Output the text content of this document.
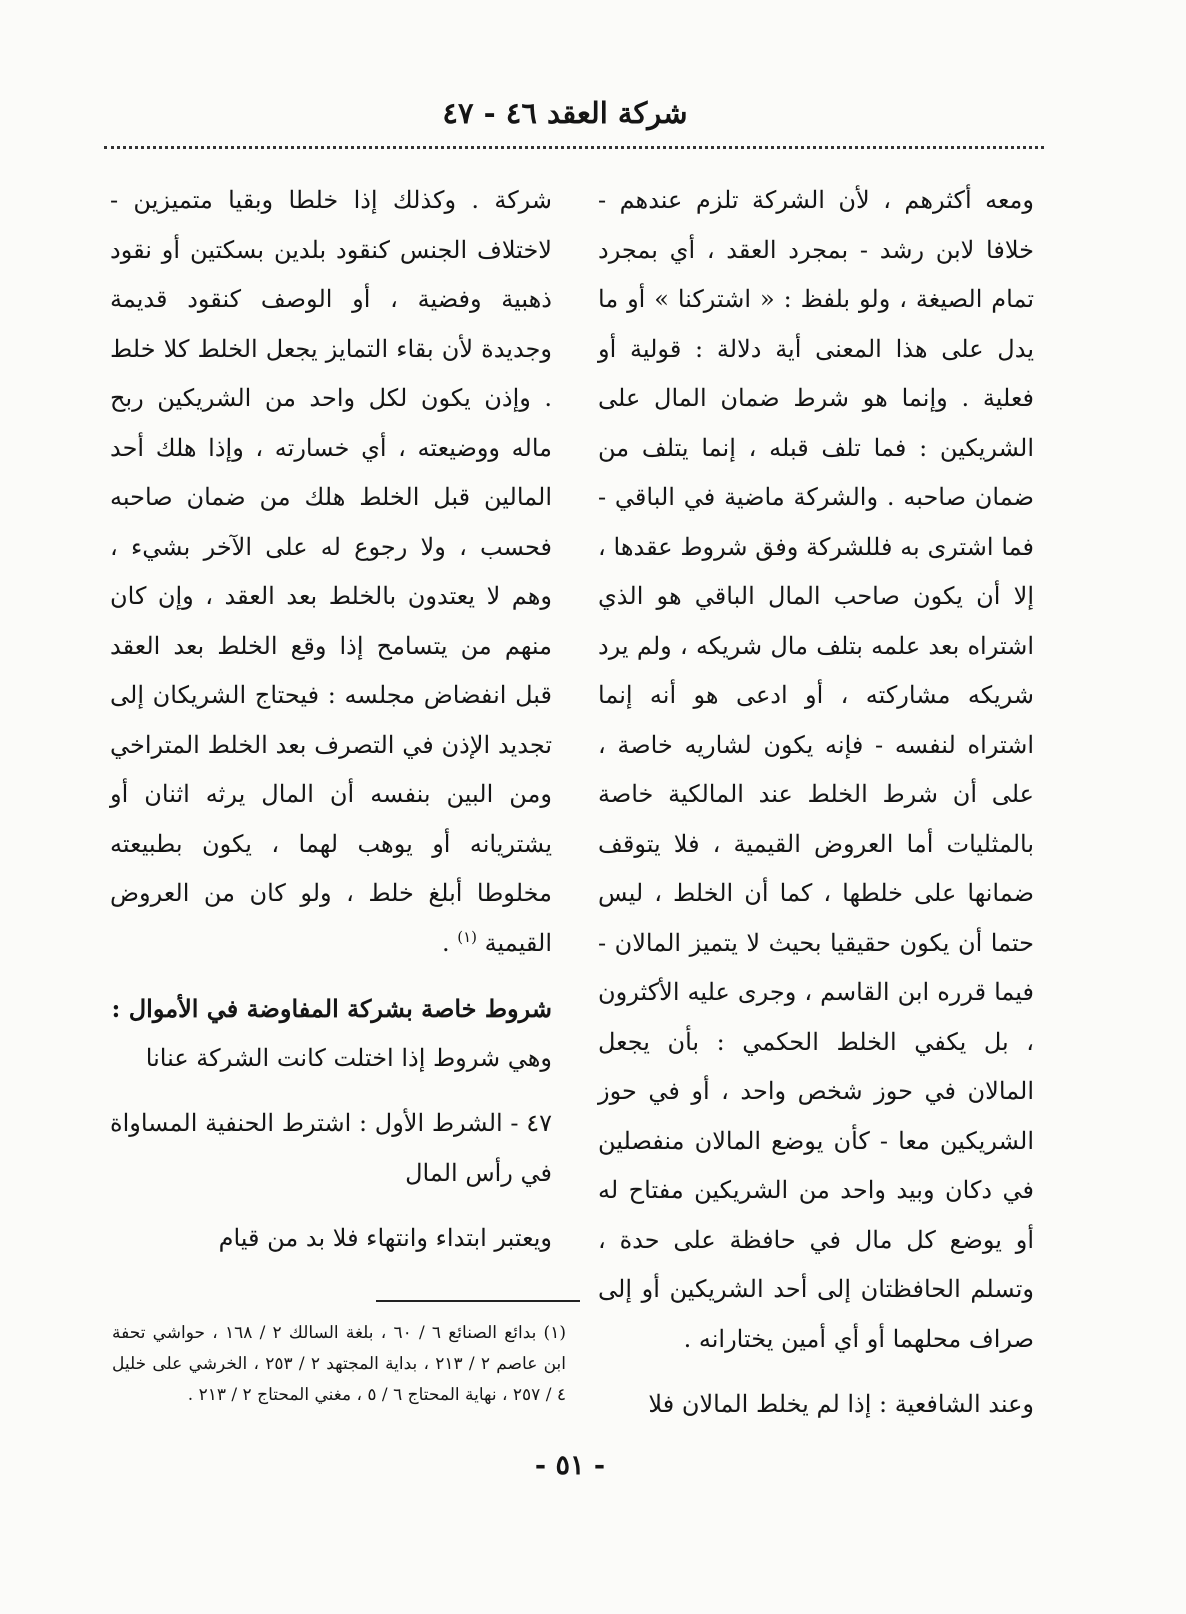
شركة العقد ٤٦ - ٤٧

ومعه أكثرهم ، لأن الشركة تلزم عندهم - خلافا لابن رشد - بمجرد العقد ، أي بمجرد تمام الصيغة ، ولو بلفظ : « اشتركنا » أو ما يدل على هذا المعنى أية دلالة : قولية أو فعلية . وإنما هو شرط ضمان المال على الشريكين : فما تلف قبله ، إنما يتلف من ضمان صاحبه . والشركة ماضية في الباقي - فما اشترى به فللشركة وفق شروط عقدها ، إلا أن يكون صاحب المال الباقي هو الذي اشتراه بعد علمه بتلف مال شريكه ، ولم يرد شريكه مشاركته ، أو ادعى هو أنه إنما اشتراه لنفسه - فإنه يكون لشاريه خاصة ، على أن شرط الخلط عند المالكية خاصة بالمثليات أما العروض القيمية ، فلا يتوقف ضمانها على خلطها ، كما أن الخلط ، ليس حتما أن يكون حقيقيا بحيث لا يتميز المالان - فيما قرره ابن القاسم ، وجرى عليه الأكثرون ، بل يكفي الخلط الحكمي : بأن يجعل المالان في حوز شخص واحد ، أو في حوز الشريكين معا - كأن يوضع المالان منفصلين في دكان وبيد واحد من الشريكين مفتاح له أو يوضع كل مال في حافظة على حدة ، وتسلم الحافظتان إلى أحد الشريكين أو إلى صراف محلهما أو أي أمين يختارانه .

وعند الشافعية : إذا لم يخلط المالان فلا

شركة . وكذلك إذا خلطا وبقيا متميزين - لاختلاف الجنس كنقود بلدين بسكتين أو نقود ذهبية وفضية ، أو الوصف كنقود قديمة وجديدة لأن بقاء التمايز يجعل الخلط كلا خلط . وإذن يكون لكل واحد من الشريكين ربح ماله ووضيعته ، أي خسارته ، وإذا هلك أحد المالين قبل الخلط هلك من ضمان صاحبه فحسب ، ولا رجوع له على الآخر بشيء ، وهم لا يعتدون بالخلط بعد العقد ، وإن كان منهم من يتسامح إذا وقع الخلط بعد العقد قبل انفضاض مجلسه : فيحتاج الشريكان إلى تجديد الإذن في التصرف بعد الخلط المتراخي ومن البين بنفسه أن المال يرثه اثنان أو يشتريانه أو يوهب لهما ، يكون بطبيعته مخلوطا أبلغ خلط ، ولو كان من العروض القيمية $^{(١)}$ .

شروط خاصة بشركة المفاوضة في الأموال :

وهي شروط إذا اختلت كانت الشركة عنانا

٤٧ - الشرط الأول : اشترط الحنفية المساواة في رأس المال

ويعتبر ابتداء وانتهاء فلا بد من قيام

(١) بدائع الصنائع ٦ / ٦٠ ، بلغة السالك ٢ / ١٦٨ ، حواشي تحفة ابن عاصم ٢ / ٢١٣ ، بداية المجتهد ٢ / ٢٥٣ ، الخرشي على خليل ٤ / ٢٥٧ ، نهاية المحتاج ٦ / ٥ ، مغني المحتاج ٢ / ٢١٣ .

- ٥١ -
